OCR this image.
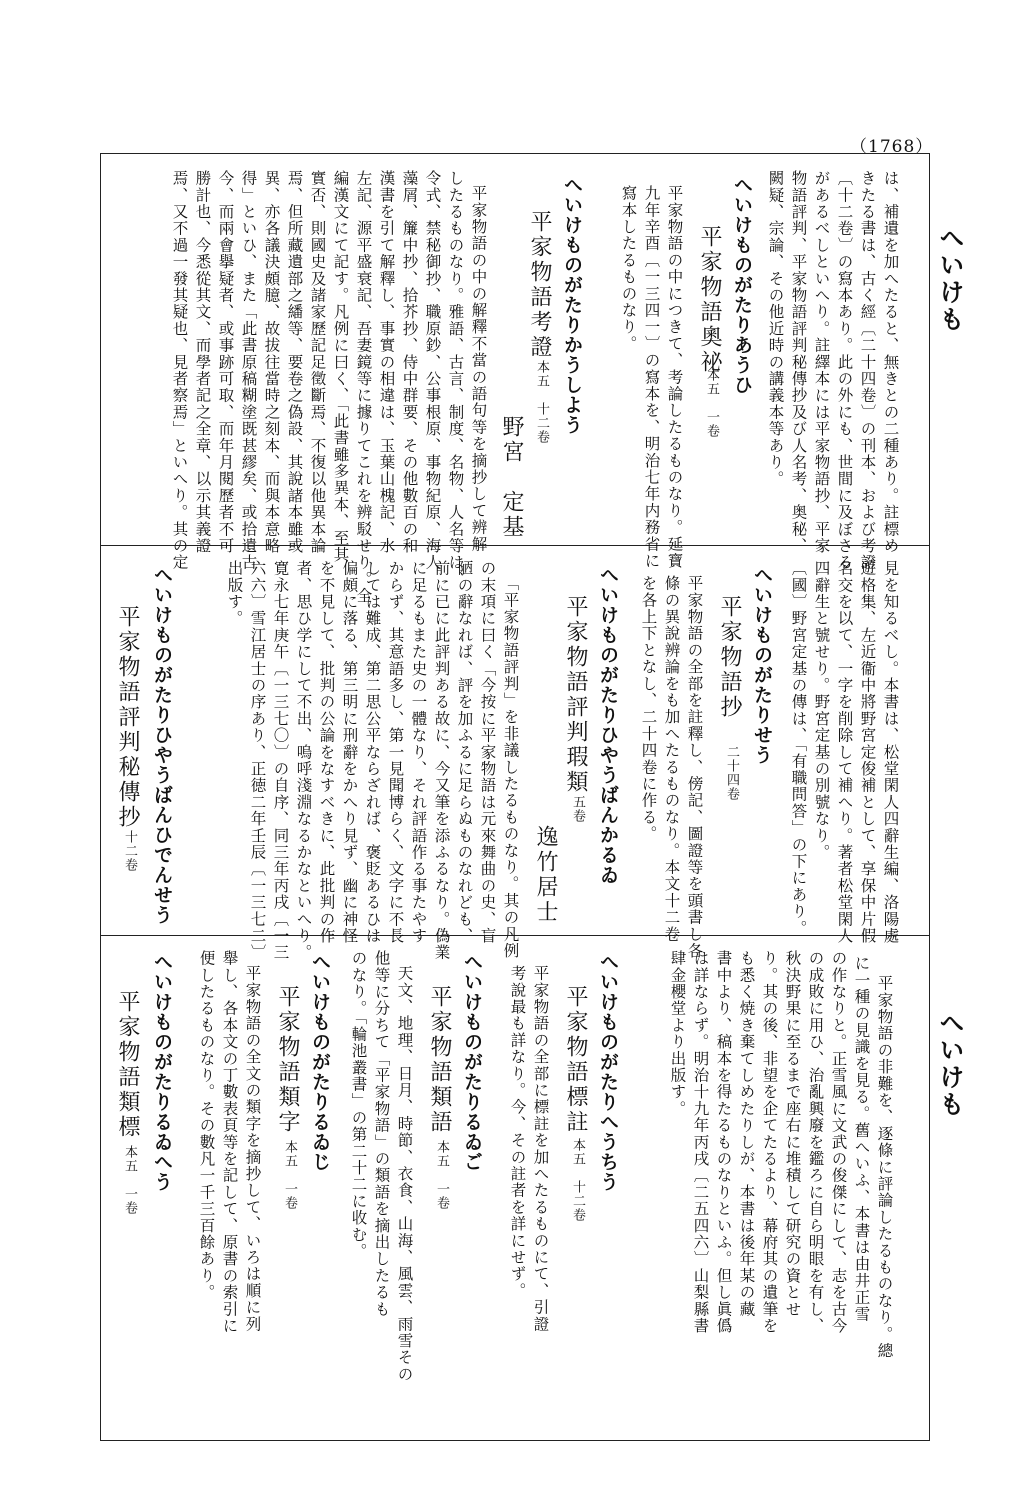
（1768）
へいけも
へいけも
は、補遺を加へたると、無きとの二種あり。註標め
きたる書は、古く經〔二十四卷〕の刊本、および考證
〔十二卷〕の寫本あり。此の外にも、世間に及ぼさる
があるべしといへり。註繹本には平家物語抄、平家
物語評判、平家物語評判秘傳抄及び人名考、奥秘、
闕疑、宗論、その他近時の講義本等あり。
へいけものがたりあうひ
平家物語奧祕
本五　一卷
平家物語の中につきて、考論したるものなり。延寶
九年辛酉〔一三四一〕の寫本を、明治七年内務省に
寫本したるものなり。
へいけものがたりかうしよう
平家物語考證
本五　十二卷
野宮　定基
平家物語の中の解釋不當の語句等を摘抄して辨解
したるものなり。雅語、古言、制度、名物、人名等は、
令式、禁秘御抄、職原鈔、公事根原、事物紀原、海人
藻屑、簾中抄、拾芥抄、侍中群要、その他數百の和
漢書を引て解釋し、事實の相違は、玉葉山槐記、水
左記、源平盛衰記、吾妻鏡等に據りてこれを辨駁せり。全
編漢文にて記す。凡例に曰く、「此書雖多異本、至其
實否、則國史及諸家歷記足徵斷焉、不復以他異本論
焉、但所藏遺部之繙等、要卷之偽設、其說諸本雖或
異、亦各議決頗臆、故拔往當時之刻本、而與本意略
得」といひ、また「此書原稿糊塗既甚繆矣、或拾遺古
今、而兩會擧疑者、或事跡可取、而年月閱歷者不可
勝計也、今悉從其文、而學者記之全章、以示其義證
焉、又不過一發其疑也、見者察焉」といへり。其の定
見を知るべし。本書は、松堂閑人四辭生編、洛陽處
遊格集、左近衞中將野宮定俊補として、享保中片假
名交を以て、一字を削除して補へり。著者松堂閑人
四辭生と號せり。野宮定基の別號なり。
〔國〕野宮定基の傳は、「有職問答」の下にあり。
へいけものがたりせう
平家物語抄
二十四卷
平家物語の全部を註釋し、傍記、圖證等を頭書し各
條の異說辨論をも加へたるものなり。本文十二卷
を各上下となし、二十四卷に作る。
へいけものがたりひやうばんかるゐ
平家物語評判瑕類
五卷
逸竹居士
「平家物語評判」を非議したるものなり。其の凡例
の末項に曰く「今按に平家物語は元來舞曲の史、盲
陋の辭なれば、評を加ふるに足らぬものなれども、
前に已に此評判ある故に、今又筆を添ふるなり。偽業
に足るもまた史の一體なり、それ評語作る事たやす
からず、其意語多し、第一見聞博らく、文字に不長
しては難成、第二思公平ならざれば、褒貶あるひは
偏頗に落る、第三明に刑辭をかへり見ず、幽に神怪
を不見して、批判の公論をなすべきに、此批判の作
者、思ひ学にして不出、嗚呼淺淵なるかなといへり。
寛永七年庚午〔一三七〇〕の自序、同三年丙戌〔一三
六六〕雪江居士の序あり、正徳二年壬辰〔一三七二〕
出版す。
へいけものがたりひやうばんひでんせう
平家物語評判秘傳抄
十二卷
平家物語の非難を、逐條に評論したるものなり。總
に一種の見識を見る。舊へいふ、本書は由井正雪
の作なりと。正雪風に文武の俊傑にして、志を古今
の成敗に用ひ、治亂興廢を鑑ろに自ら明眼を有し、
秋決野果に至るまで座右に堆積して研究の資とせ
り。其の後、非望を企てたるより、幕府其の遺筆を
も悉く焼き棄てしめたりしが、本書は後年某の藏
書中より、稿本を得たるものなりといふ。但し眞僞
は詳ならず。明治十九年丙戌〔二五四六〕山梨縣書
肆金櫻堂より出版す。
へいけものがたりへうちう
平家物語標註
本五　十二卷
平家物語の全部に標註を加へたるものにて、引證
考說最も詳なり。今、その註者を詳にせず。
へいけものがたりるゐご
平家物語類語
本五　一卷
天文、地理、日月、時節、衣食、山海、風雲、雨雪その
他等に分ちて「平家物語」の類語を摘出したるも
のなり。「輪池叢書」の第二十二に收む。
へいけものがたりるゐじ
平家物語類字
本五　一卷
平家物語の全文の類字を摘抄して、いろは順に列
舉し、各本文の丁數表頁等を記して、原書の索引に
便したるものなり。その數凡一千三百餘あり。
へいけものがたりるゐへう
平家物語類標
本五　一卷
